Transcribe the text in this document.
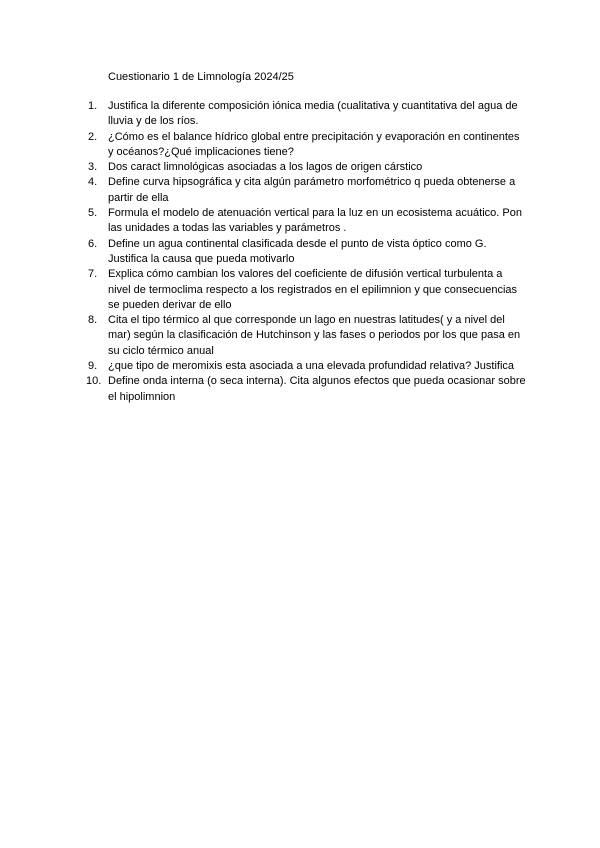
Cuestionario 1 de Limnología 2024/25
1. Justifica la diferente composición iónica media (cualitativa y cuantitativa del agua de lluvia y de los ríos.
2. ¿Cómo es el balance hídrico global entre precipitación y evaporación en continentes y océanos?¿Qué implicaciones tiene?
3. Dos caract limnológicas asociadas a los lagos de origen cárstico
4. Define curva hipsográfica y cita algún parámetro morfométrico q pueda obtenerse a partir de ella
5. Formula el modelo de atenuación vertical para la luz en un ecosistema acuático. Pon las unidades a todas las variables y parámetros .
6. Define un agua continental clasificada desde el punto de vista óptico como G. Justifica la causa que pueda motivarlo
7. Explica cómo cambian los valores del coeficiente de difusión vertical turbulenta a nivel de termoclima respecto a los registrados en el epilimnion y que consecuencias se pueden derivar de ello
8. Cita el tipo térmico al que corresponde un lago en nuestras latitudes( y a nivel del mar) según la clasificación de Hutchinson y las fases o periodos por los que pasa en su ciclo térmico anual
9. ¿que tipo de meromixis esta asociada a una elevada profundidad relativa? Justifica
10. Define onda interna (o seca interna). Cita algunos efectos que pueda ocasionar sobre el hipolimnion
